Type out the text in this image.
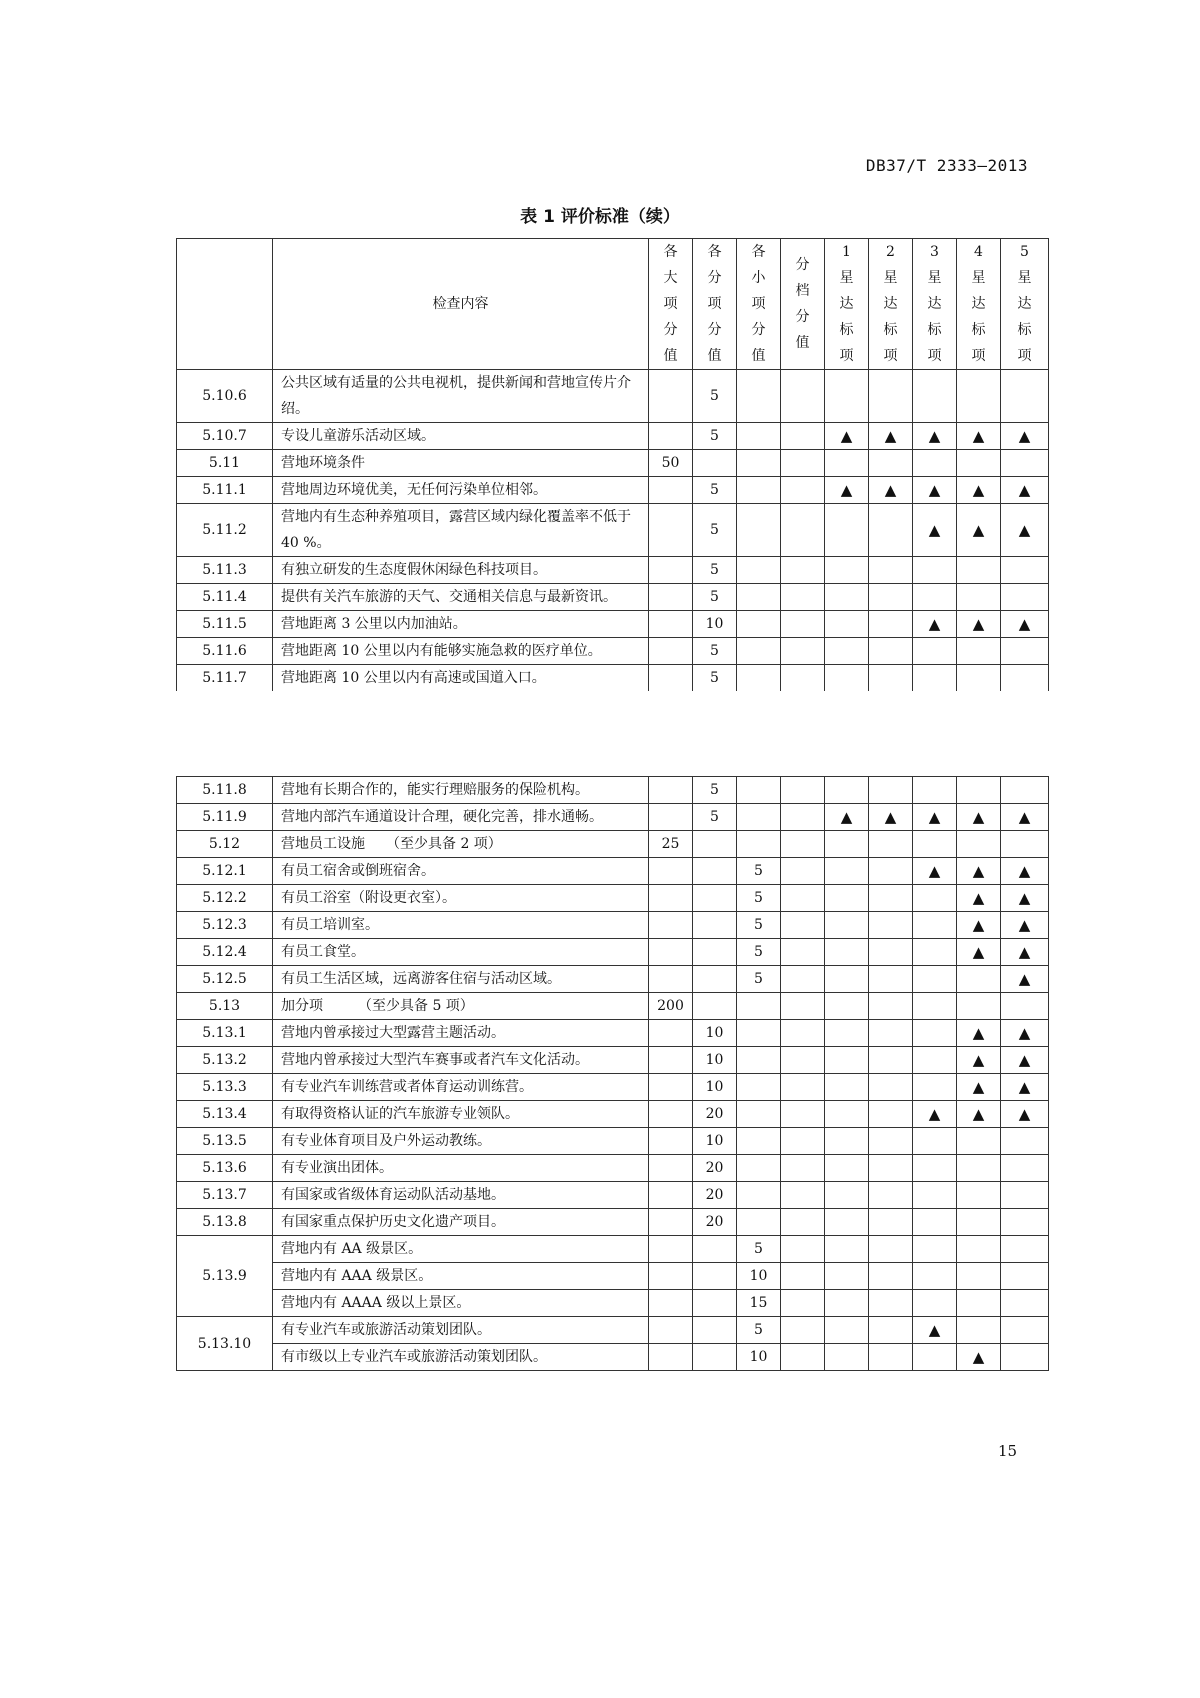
DB37/T 2333—2013
表 1 评价标准（续）
	检查内容	各
大
项
分
值	各
分
项
分
值	各
小
项
分
值	分
档
分
值	1
星
达
标
项	2
星
达
标
项	3
星
达
标
项	4
星
达
标
项	5
星
达
标
项

5.10.6	公共区域有适量的公共电视机，提供新闻和营地宣传片介绍。		5							
5.10.7	专设儿童游乐活动区域。		5			▲	▲	▲	▲	▲
5.11	营地环境条件	50								
5.11.1	营地周边环境优美，无任何污染单位相邻。		5			▲	▲	▲	▲	▲
5.11.2	营地内有生态种养殖项目，露营区域内绿化覆盖率不低于 40 %。		5					▲	▲	▲
5.11.3	有独立研发的生态度假休闲绿色科技项目。		5							
5.11.4	提供有关汽车旅游的天气、交通相关信息与最新资讯。		5							
5.11.5	营地距离 3 公里以内加油站。		10					▲	▲	▲
5.11.6	营地距离 10 公里以内有能够实施急救的医疗单位。		5							
5.11.7	营地距离 10 公里以内有高速或国道入口。		5							
5.11.8	营地有长期合作的，能实行理赔服务的保险机构。		5							
5.11.9	营地内部汽车通道设计合理，硬化完善，排水通畅。		5			▲	▲	▲	▲	▲
5.12	营地员工设施　　（至少具备 2 项）	25								
5.12.1	有员工宿舍或倒班宿舍。			5				▲	▲	▲
5.12.2	有员工浴室（附设更衣室）。			5					▲	▲
5.12.3	有员工培训室。			5					▲	▲
5.12.4	有员工食堂。			5					▲	▲
5.12.5	有员工生活区域，远离游客住宿与活动区域。			5						▲
5.13	加分项　　　（至少具备 5 项）	200								
5.13.1	营地内曾承接过大型露营主题活动。		10						▲	▲
5.13.2	营地内曾承接过大型汽车赛事或者汽车文化活动。		10						▲	▲
5.13.3	有专业汽车训练营或者体育运动训练营。		10						▲	▲
5.13.4	有取得资格认证的汽车旅游专业领队。		20					▲	▲	▲
5.13.5	有专业体育项目及户外运动教练。		10							
5.13.6	有专业演出团体。		20							
5.13.7	有国家或省级体育运动队活动基地。		20							
5.13.8	有国家重点保护历史文化遗产项目。		20							
5.13.9	营地内有 AA 级景区。			5						
	营地内有 AAA 级景区。			10						
	营地内有 AAAA 级以上景区。			15						
5.13.10	有专业汽车或旅游活动策划团队。			5				▲		
	有市级以上专业汽车或旅游活动策划团队。			10					▲	
15
